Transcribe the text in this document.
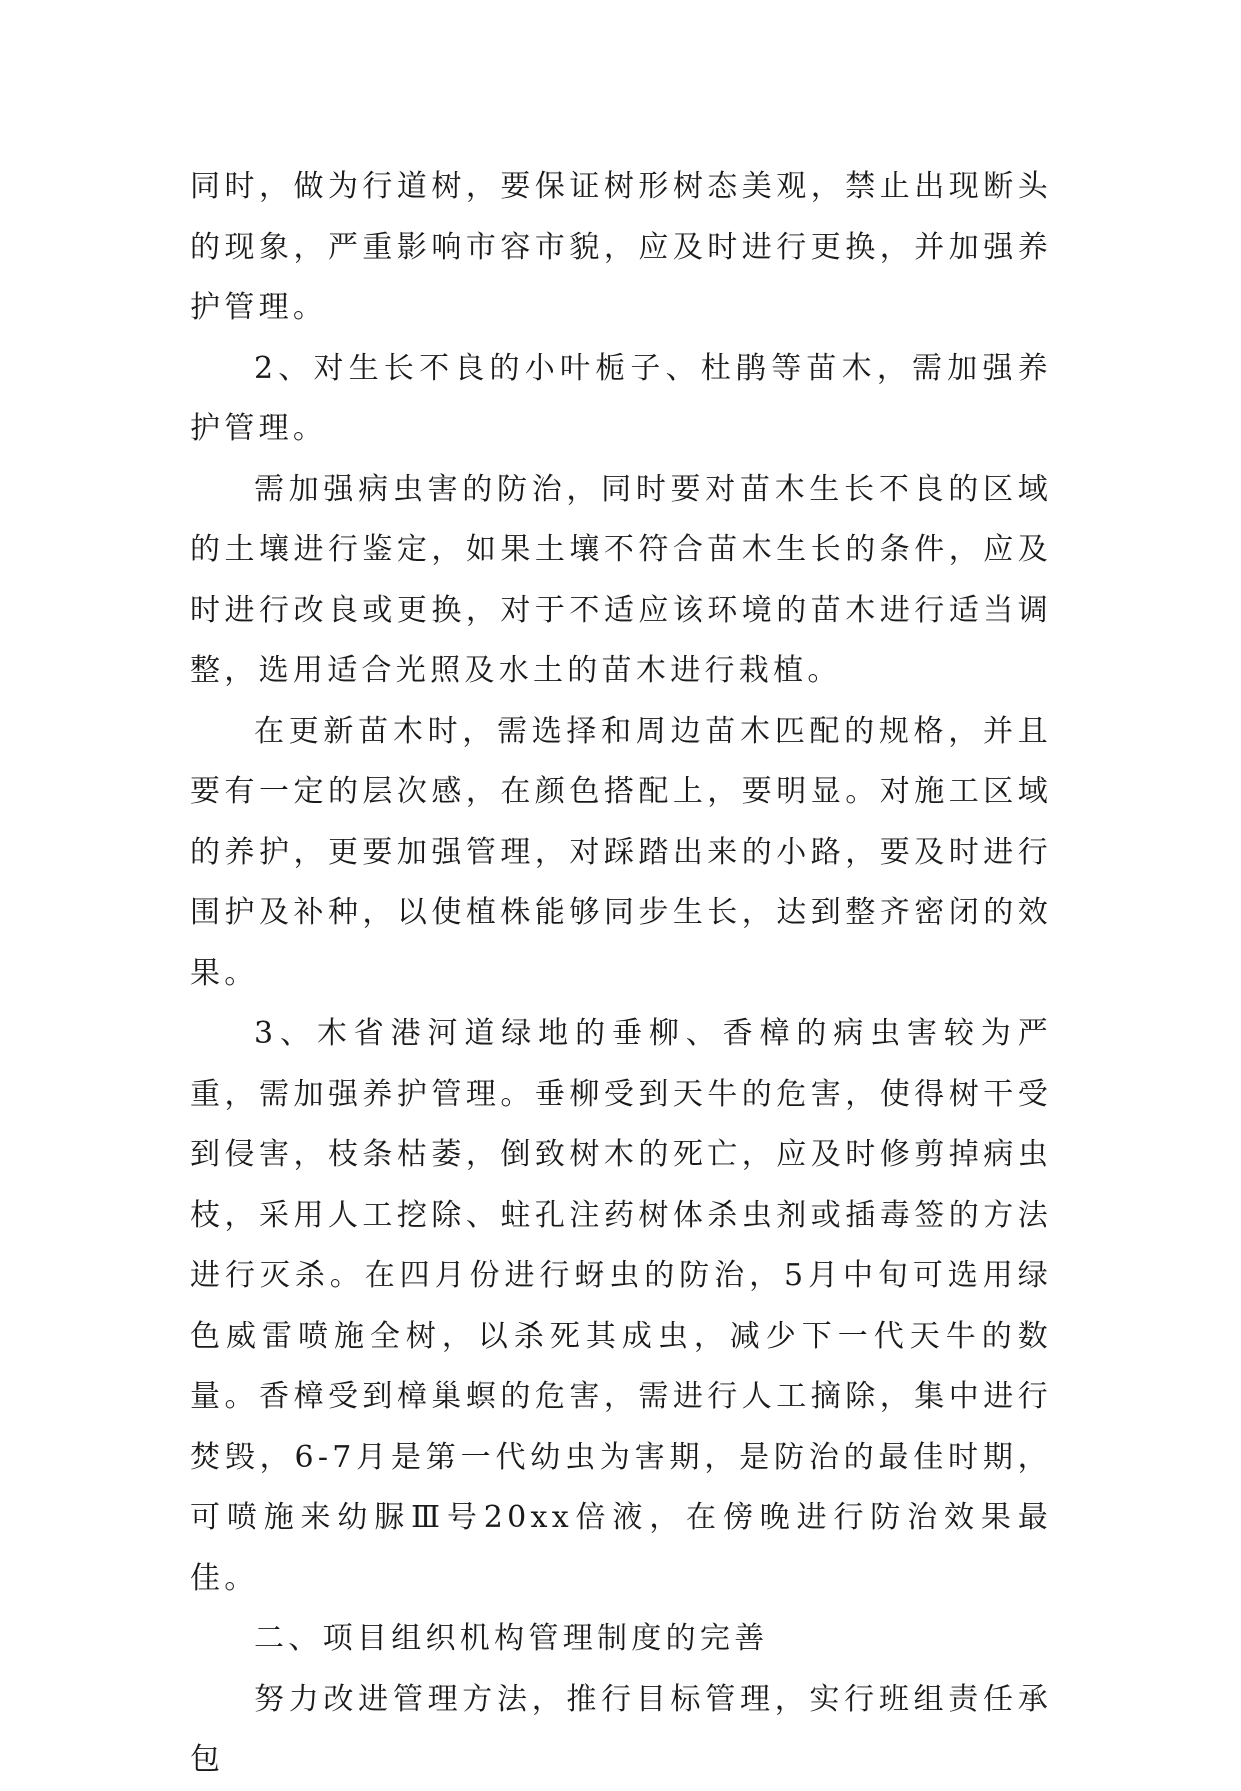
同时，做为行道树，要保证树形树态美观，禁止出现断头的现象，严重影响市容市貌，应及时进行更换，并加强养护管理。

2、对生长不良的小叶栀子、杜鹃等苗木，需加强养护管理。

需加强病虫害的防治，同时要对苗木生长不良的区域的土壤进行鉴定，如果土壤不符合苗木生长的条件，应及时进行改良或更换，对于不适应该环境的苗木进行适当调整，选用适合光照及水土的苗木进行栽植。

在更新苗木时，需选择和周边苗木匹配的规格，并且要有一定的层次感，在颜色搭配上，要明显。对施工区域的养护，更要加强管理，对踩踏出来的小路，要及时进行围护及补种，以使植株能够同步生长，达到整齐密闭的效果。

3、木省港河道绿地的垂柳、香樟的病虫害较为严重，需加强养护管理。垂柳受到天牛的危害，使得树干受到侵害，枝条枯萎，倒致树木的死亡，应及时修剪掉病虫枝，采用人工挖除、蛀孔注药树体杀虫剂或插毒签的方法进行灭杀。在四月份进行蚜虫的防治，5月中旬可选用绿色威雷喷施全树，以杀死其成虫，减少下一代天牛的数量。香樟受到樟巢螟的危害，需进行人工摘除，集中进行焚毁，6-7月是第一代幼虫为害期，是防治的最佳时期，可喷施来幼脲Ⅲ号20xx倍液，在傍晚进行防治效果最佳。

二、项目组织机构管理制度的完善

努力改进管理方法，推行目标管理，实行班组责任承包
